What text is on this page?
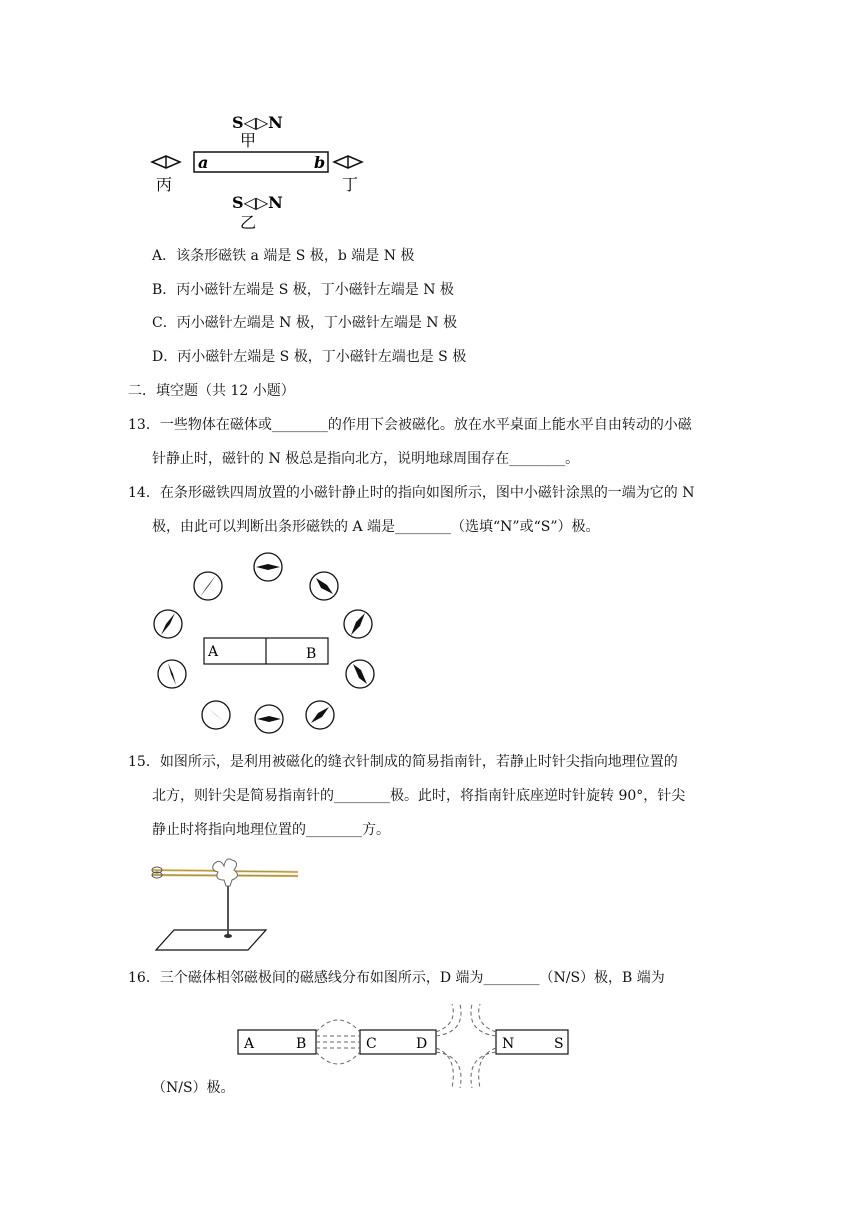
S◁▷N
甲
a	b
丙	丁
S◁▷N
乙
A．该条形磁铁 a 端是 S 极，b 端是 N 极
B．丙小磁针左端是 S 极，丁小磁针左端是 N 极
C．丙小磁针左端是 N 极，丁小磁针左端是 N 极
D．丙小磁针左端是 S 极，丁小磁针左端也是 S 极
二．填空题（共 12 小题）
13．一些物体在磁体或________的作用下会被磁化。放在水平桌面上能水平自由转动的小磁
针静止时，磁针的 N 极总是指向北方，说明地球周围存在________。
14．在条形磁铁四周放置的小磁针静止时的指向如图所示，图中小磁针涂黑的一端为它的 N
极，由此可以判断出条形磁铁的 A 端是________（选填“N”或“S”）极。
A	B
15．如图所示，是利用被磁化的缝衣针制成的简易指南针，若静止时针尖指向地理位置的
北方，则针尖是简易指南针的________极。此时，将指南针底座逆时针旋转 90°，针尖
静止时将指向地理位置的________方。
16．三个磁体相邻磁极间的磁感线分布如图所示，D 端为________（N/S）极，B 端为
A	B	C	D	N	S
（N/S）极。
